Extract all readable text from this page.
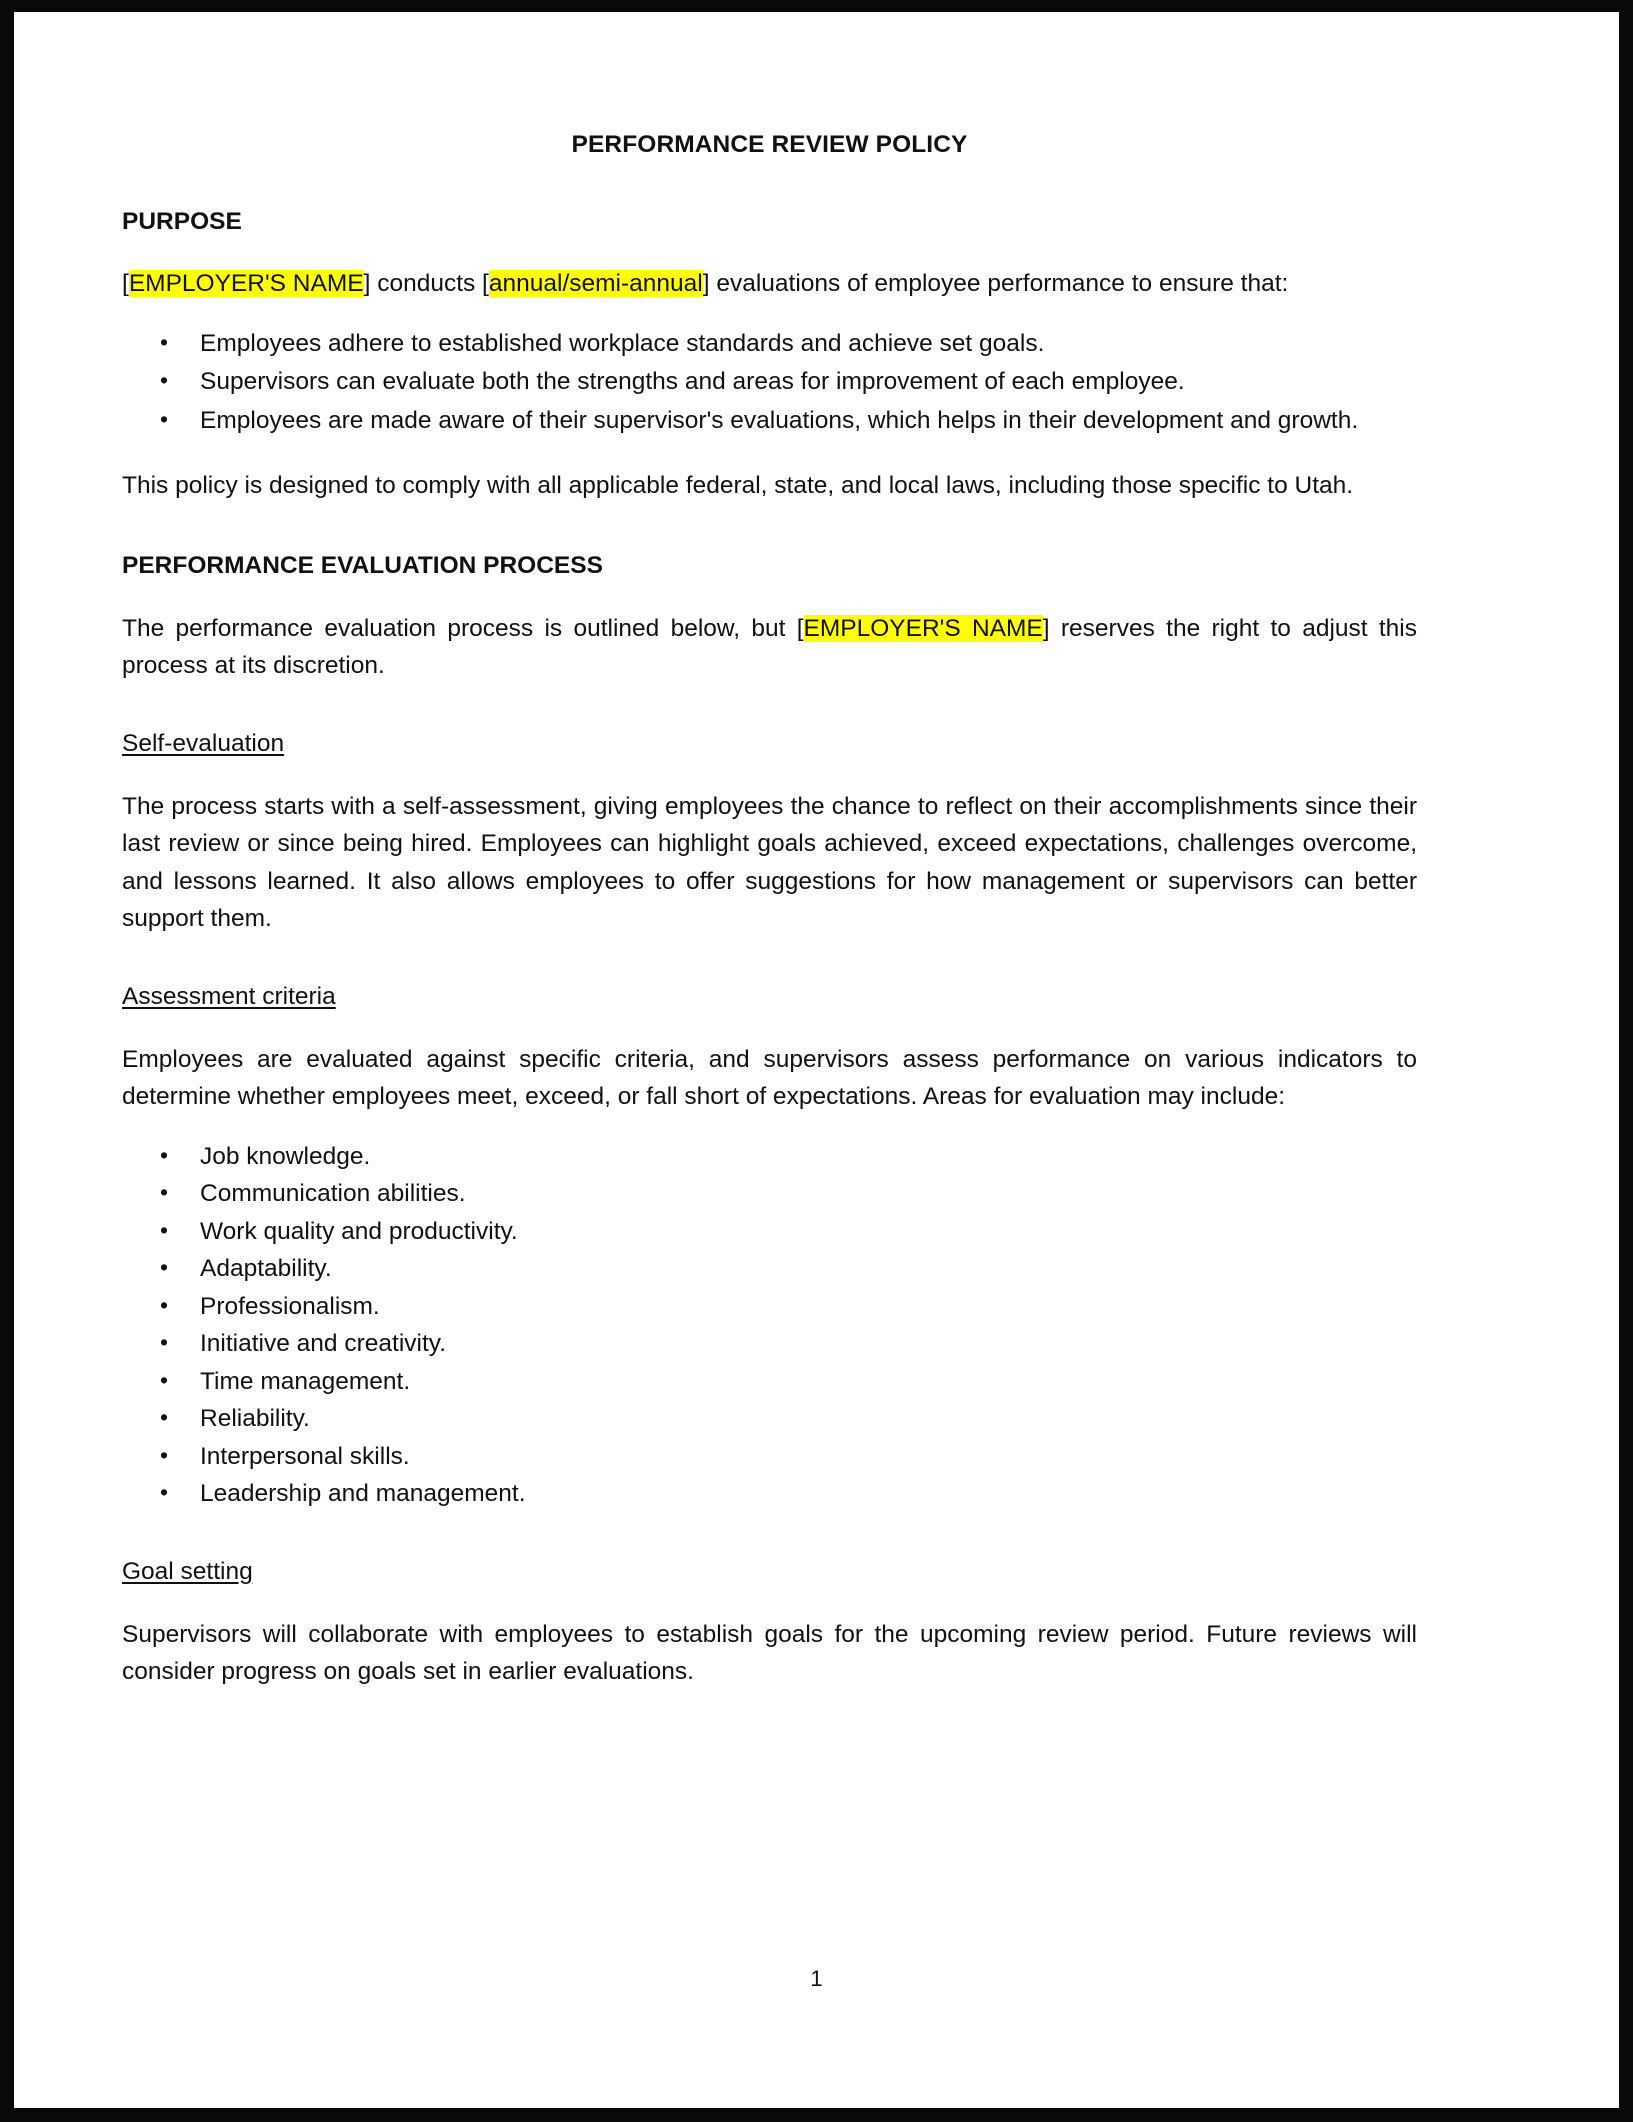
PERFORMANCE REVIEW POLICY
PURPOSE

[EMPLOYER'S NAME] conducts [annual/semi-annual] evaluations of employee performance to ensure that:

• Employees adhere to established workplace standards and achieve set goals.
• Supervisors can evaluate both the strengths and areas for improvement of each employee.
• Employees are made aware of their supervisor's evaluations, which helps in their development and growth.

This policy is designed to comply with all applicable federal, state, and local laws, including those specific to Utah.

PERFORMANCE EVALUATION PROCESS

The performance evaluation process is outlined below, but [EMPLOYER'S NAME] reserves the right to adjust this process at its discretion.

Self-evaluation

The process starts with a self-assessment, giving employees the chance to reflect on their accomplishments since their last review or since being hired. Employees can highlight goals achieved, exceed expectations, challenges overcome, and lessons learned. It also allows employees to offer suggestions for how management or supervisors can better support them.

Assessment criteria

Employees are evaluated against specific criteria, and supervisors assess performance on various indicators to determine whether employees meet, exceed, or fall short of expectations. Areas for evaluation may include:

• Job knowledge.
• Communication abilities.
• Work quality and productivity.
• Adaptability.
• Professionalism.
• Initiative and creativity.
• Time management.
• Reliability.
• Interpersonal skills.
• Leadership and management.
Goal setting

Supervisors will collaborate with employees to establish goals for the upcoming review period. Future reviews will consider progress on goals set in earlier evaluations.

1
